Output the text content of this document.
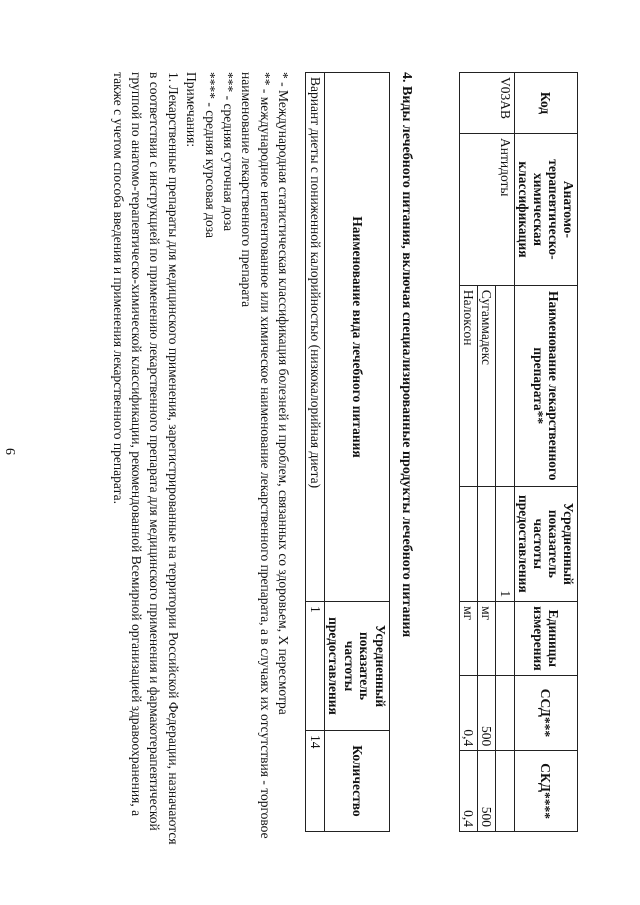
Код	Анатомо-терапевтическо-химическая классификация	Наименование лекарственного препарата**	Усредненный показатель частоты предоставления	Единицы измерения	ССД***	СКД****
V03AB	Антидоты		1			
		Сугаммадекс		мг	500	500
		Налоксон		мг	0,4	0,4
4. Виды лечебного питания, включая специализированные продукты лечебного питания
Наименование вида лечебного питания	Усредненный показатель частоты предоставления	Количество
Вариант диеты с пониженной калорийностью (низкокалорийная диета)	1	14

* - Международная статистическая классификация болезней и проблем, связанных со здоровьем, X пересмотра

** - международное непатентованное или химическое наименование лекарственного препарата, а в случаях их отсутствия - торговое наименование лекарственного препарата

*** - средняя суточная доза

**** - средняя курсовая доза

Примечания:

1. Лекарственные препараты для медицинского применения, зарегистрированные на территории Российской Федерации, назначаются в соответствии с инструкцией по применению лекарственного препарата для медицинского применения и фармакотерапевтической группой по анатомо-терапевтическо-химической классификации, рекомендованной Всемирной организацией здравоохранения, а также с учетом способа введения и применения лекарственного препарата.

9
